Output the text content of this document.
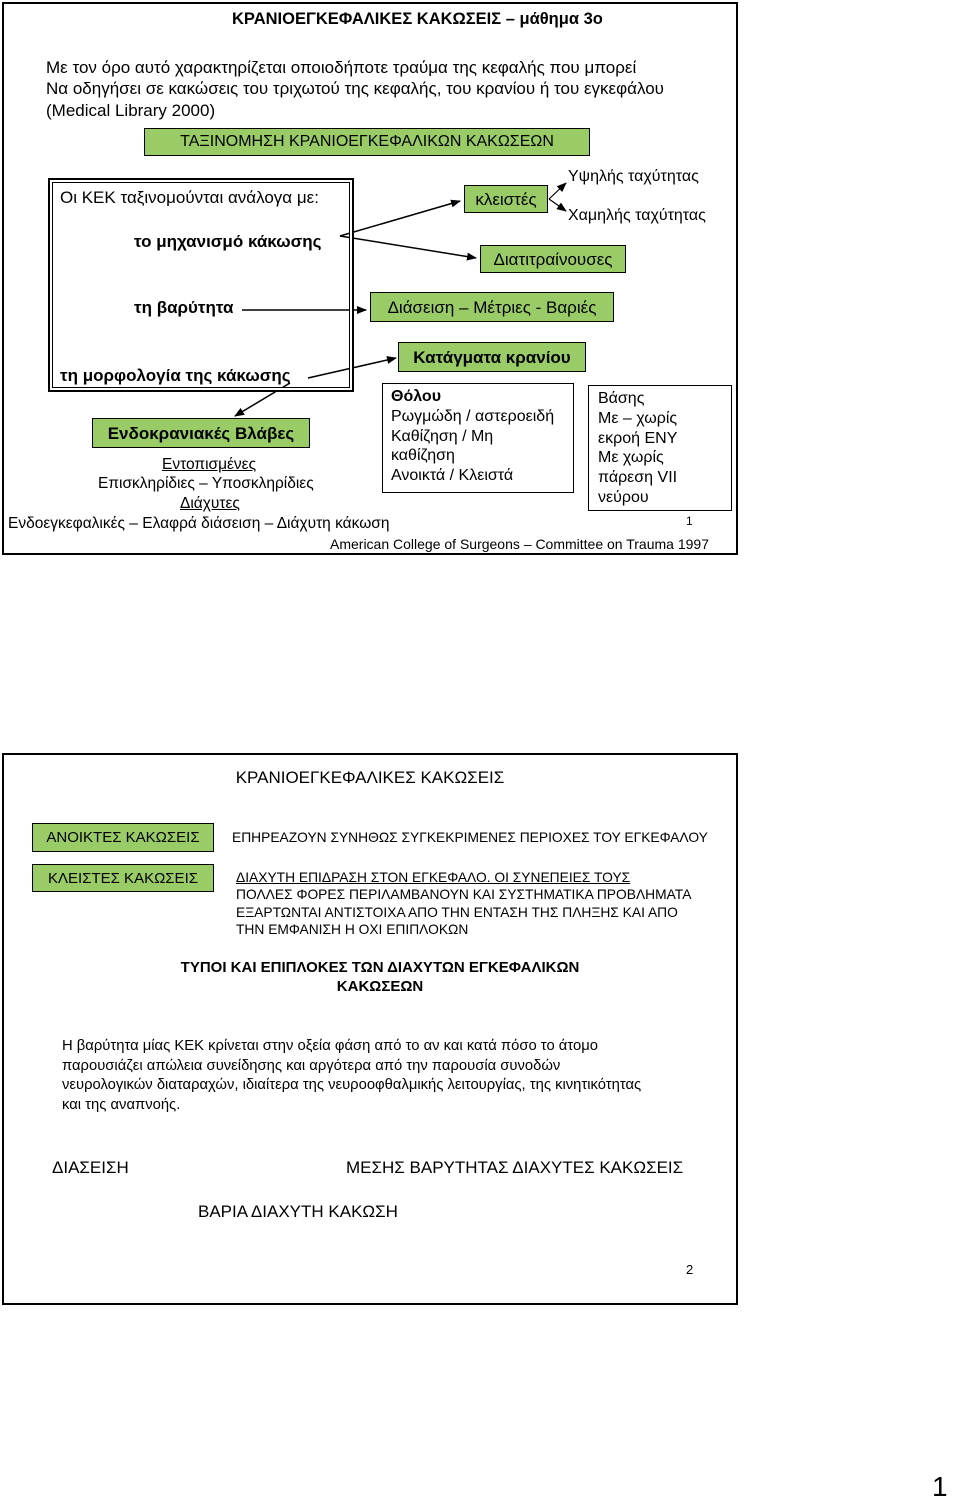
ΚΡΑΝΙΟΕΓΚΕΦΑΛΙΚΕΣ ΚΑΚΩΣΕΙΣ – μάθημα 3ο
Με τον όρο αυτό χαρακτηρίζεται οποιοδήποτε τραύμα της κεφαλής που μπορεί
Να οδηγήσει σε κακώσεις του τριχωτού της κεφαλής, του κρανίου ή του εγκεφάλου
(Medical Library 2000)
ΤΑΞΙΝΟΜΗΣΗ ΚΡΑΝΙΟΕΓΚΕΦΑΛΙΚΩΝ ΚΑΚΩΣΕΩΝ
Οι ΚΕΚ ταξινομούνται ανάλογα με:
το μηχανισμό κάκωσης
τη βαρύτητα
τη μορφολογία της κάκωσης
κλειστές
Υψηλής ταχύτητας
Χαμηλής ταχύτητας
Διατιτραίνουσες
Διάσειση – Μέτριες - Βαριές
Κατάγματα κρανίου
Θόλου
Ρωγμώδη / αστεροειδή
Καθίζηση / Μη
καθίζηση
Ανοικτά / Κλειστά
Βάσης
Με – χωρίς
εκροή ΕΝΥ
Με χωρίς
πάρεση VII
νεύρου
Ενδοκρανιακές Βλάβες
Εντοπισμένες
Επισκληρίδιες – Υποσκληρίδιες
Διάχυτες
Ενδοεγκεφαλικές – Ελαφρά διάσειση – Διάχυτη κάκωση	1
American College of Surgeons – Committee on Trauma 1997
ΚΡΑΝΙΟΕΓΚΕΦΑΛΙΚΕΣ ΚΑΚΩΣΕΙΣ
ΑΝΟΙΚΤΕΣ ΚΑΚΩΣΕΙΣ	ΕΠΗΡΕΑΖΟΥΝ ΣΥΝΗΘΩΣ ΣΥΓΚΕΚΡΙΜΕΝΕΣ ΠΕΡΙΟΧΕΣ ΤΟΥ ΕΓΚΕΦΑΛΟΥ
ΚΛΕΙΣΤΕΣ ΚΑΚΩΣΕΙΣ	ΔΙΑΧΥΤΗ ΕΠΙΔΡΑΣΗ ΣΤΟΝ ΕΓΚΕΦΑΛΟ. ΟΙ ΣΥΝΕΠΕΙΕΣ ΤΟΥΣ
ΠΟΛΛΕΣ ΦΟΡΕΣ ΠΕΡΙΛΑΜΒΑΝΟΥΝ ΚΑΙ ΣΥΣΤΗΜΑΤΙΚΑ ΠΡΟΒΛΗΜΑΤΑ
ΕΞΑΡΤΩΝΤΑΙ ΑΝΤΙΣΤΟΙΧΑ ΑΠΟ ΤΗΝ ΕΝΤΑΣΗ ΤΗΣ ΠΛΗΞΗΣ ΚΑΙ ΑΠΟ
ΤΗΝ ΕΜΦΑΝΙΣΗ Η ΟΧΙ ΕΠΙΠΛΟΚΩΝ
ΤΥΠΟΙ ΚΑΙ ΕΠΙΠΛΟΚΕΣ ΤΩΝ ΔΙΑΧΥΤΩΝ ΕΓΚΕΦΑΛΙΚΩΝ
ΚΑΚΩΣΕΩΝ
Η βαρύτητα μίας ΚΕΚ κρίνεται στην οξεία φάση από το αν και κατά πόσο το άτομο
παρουσιάζει απώλεια συνείδησης και αργότερα από την παρουσία συνοδών
νευρολογικών διαταραχών, ιδιαίτερα της νευροοφθαλμικής λειτουργίας, της κινητικότητας
και της αναπνοής.
ΔΙΑΣΕΙΣΗ	ΜΕΣΗΣ ΒΑΡΥΤΗΤΑΣ ΔΙΑΧΥΤΕΣ ΚΑΚΩΣΕΙΣ
ΒΑΡΙΑ ΔΙΑΧΥΤΗ ΚΑΚΩΣΗ
2
1
